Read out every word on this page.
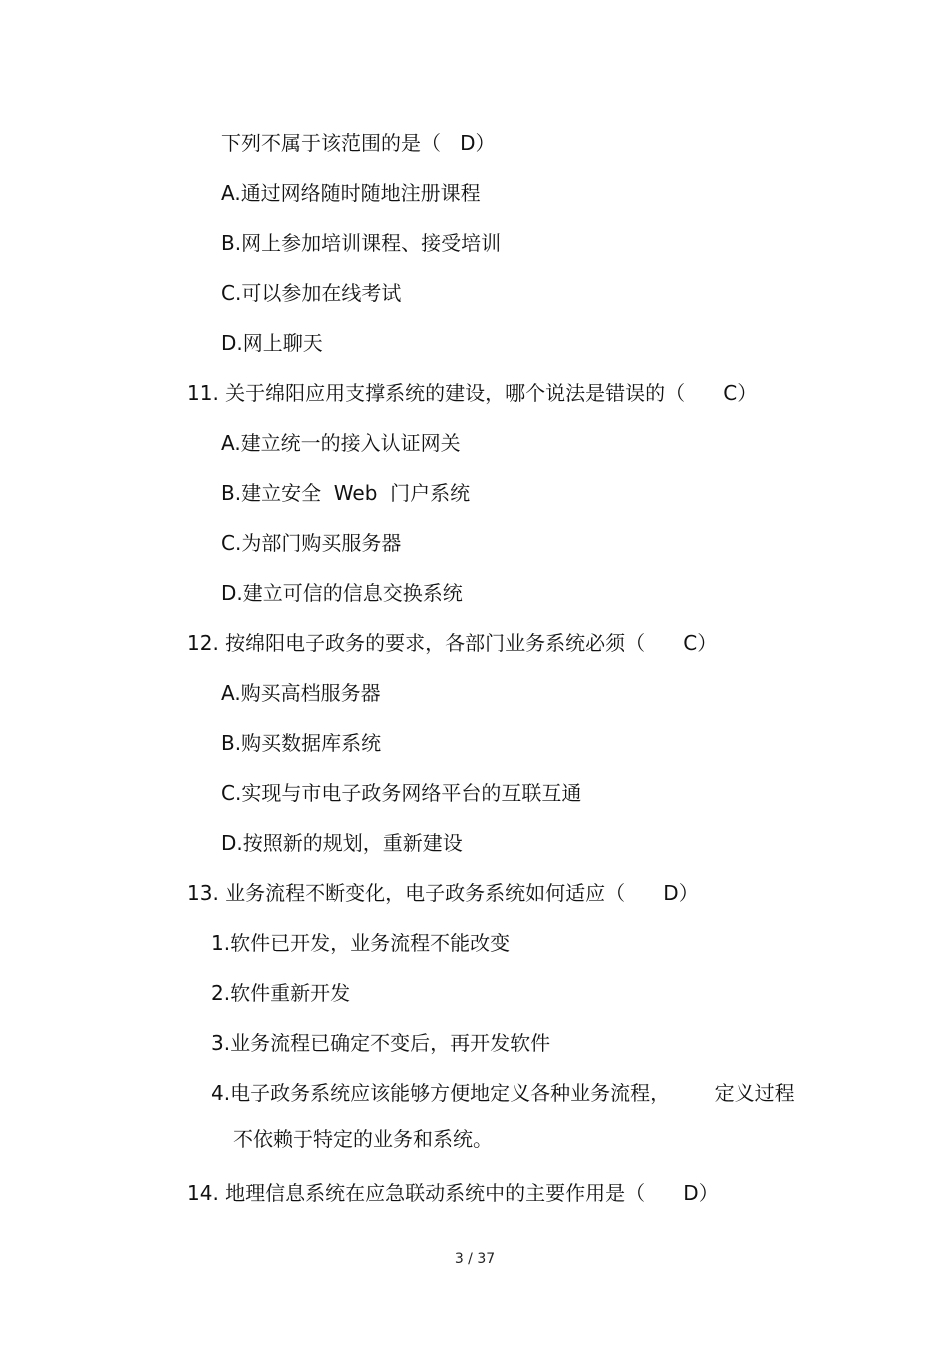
下列不属于该范围的是（   D）
A.通过网络随时随地注册课程
B.网上参加培训课程、接受培训
C.可以参加在线考试
D.网上聊天
11. 关于绵阳应用支撑系统的建设，哪个说法是错误的（      C）
A.建立统一的接入认证网关
B.建立安全  Web  门户系统
C.为部门购买服务器
D.建立可信的信息交换系统
12. 按绵阳电子政务的要求，各部门业务系统必须（      C）
A.购买高档服务器
B.购买数据库系统
C.实现与市电子政务网络平台的互联互通
D.按照新的规划，重新建设
13. 业务流程不断变化，电子政务系统如何适应（      D）
1.软件已开发，业务流程不能改变
2.软件重新开发
3.业务流程已确定不变后，再开发软件
4.电子政务系统应该能够方便地定义各种业务流程，       定义过程
不依赖于特定的业务和系统。
14. 地理信息系统在应急联动系统中的主要作用是（      D）
3 / 37
